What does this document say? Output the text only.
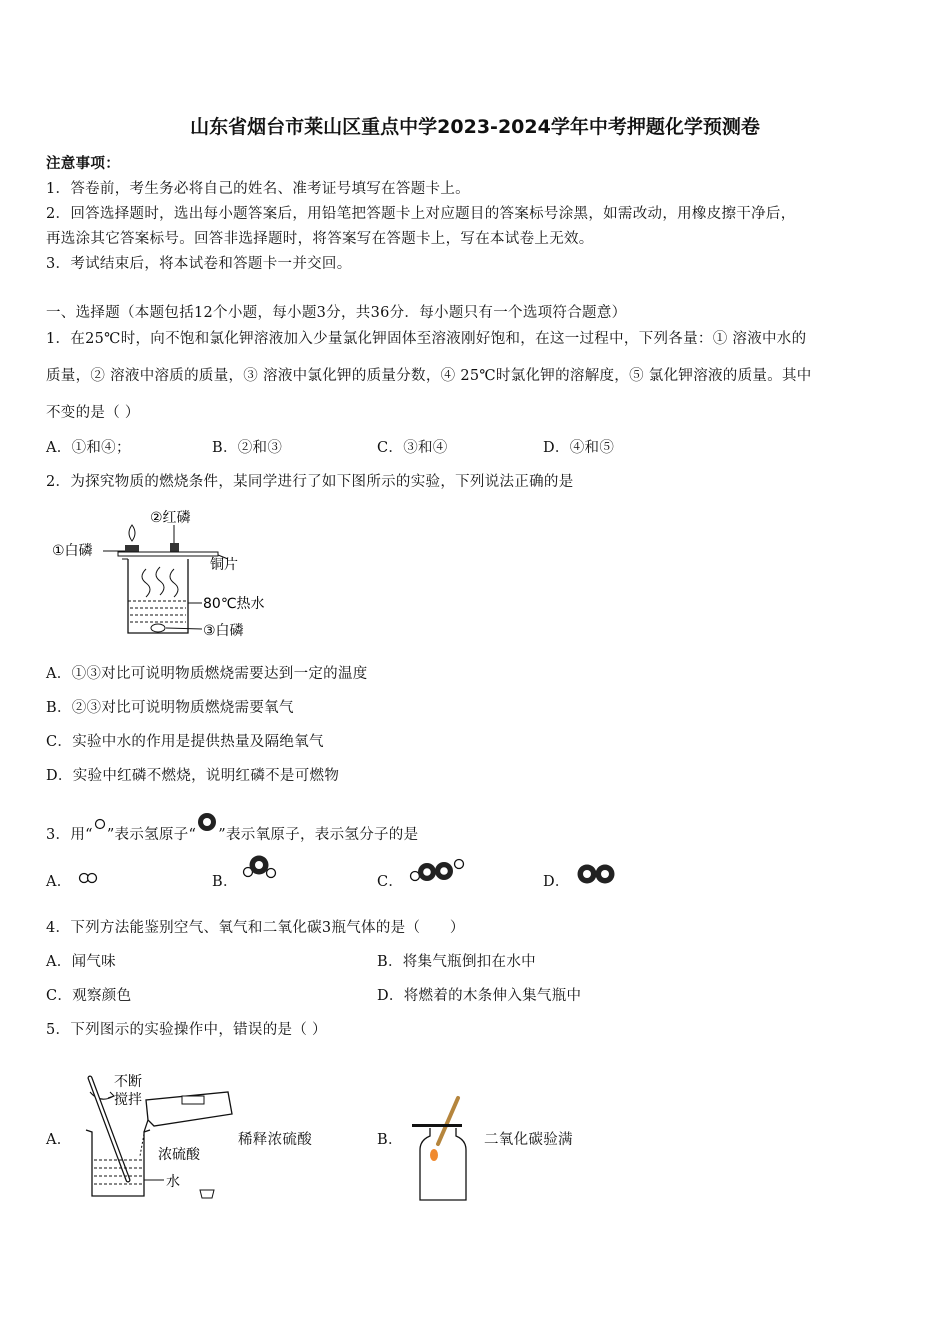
山东省烟台市莱山区重点中学2023-2024学年中考押题化学预测卷
注意事项：
1．答卷前，考生务必将自己的姓名、准考证号填写在答题卡上。
2．回答选择题时，选出每小题答案后，用铅笔把答题卡上对应题目的答案标号涂黑，如需改动，用橡皮擦干净后，
再选涂其它答案标号。回答非选择题时，将答案写在答题卡上，写在本试卷上无效。
3．考试结束后，将本试卷和答题卡一并交回。
一、选择题（本题包括12个小题，每小题3分，共36分．每小题只有一个选项符合题意）
1．在25℃时，向不饱和氯化钾溶液加入少量氯化钾固体至溶液刚好饱和，在这一过程中，下列各量：① 溶液中水的
质量，② 溶液中溶质的质量，③ 溶液中氯化钾的质量分数，④ 25℃时氯化钾的溶解度，⑤ 氯化钾溶液的质量。其中
不变的是（ ）
A．①和④；	B．②和③	C．③和④	D．④和⑤
2．为探究物质的燃烧条件，某同学进行了如下图所示的实验，下列说法正确的是
②红磷
①白磷
铜片
80℃热水
③白磷
A．①③对比可说明物质燃烧需要达到一定的温度
B．②③对比可说明物质燃烧需要氧气
C．实验中水的作用是提供热量及隔绝氧气
D．实验中红磷不燃烧，说明红磷不是可燃物
3．用“ ”表示氢原子“ ”表示氧原子，表示氢分子的是
A．	B．	C．	D．
4．下列方法能鉴别空气、氧气和二氧化碳3瓶气体的是（　　）
A．闻气味	B．将集气瓶倒扣在水中
C．观察颜色	D．将燃着的木条伸入集气瓶中
5．下列图示的实验操作中，错误的是（ ）
A．
不断
搅拌
浓硫酸
水
稀释浓硫酸	B．	二氧化碳验满
